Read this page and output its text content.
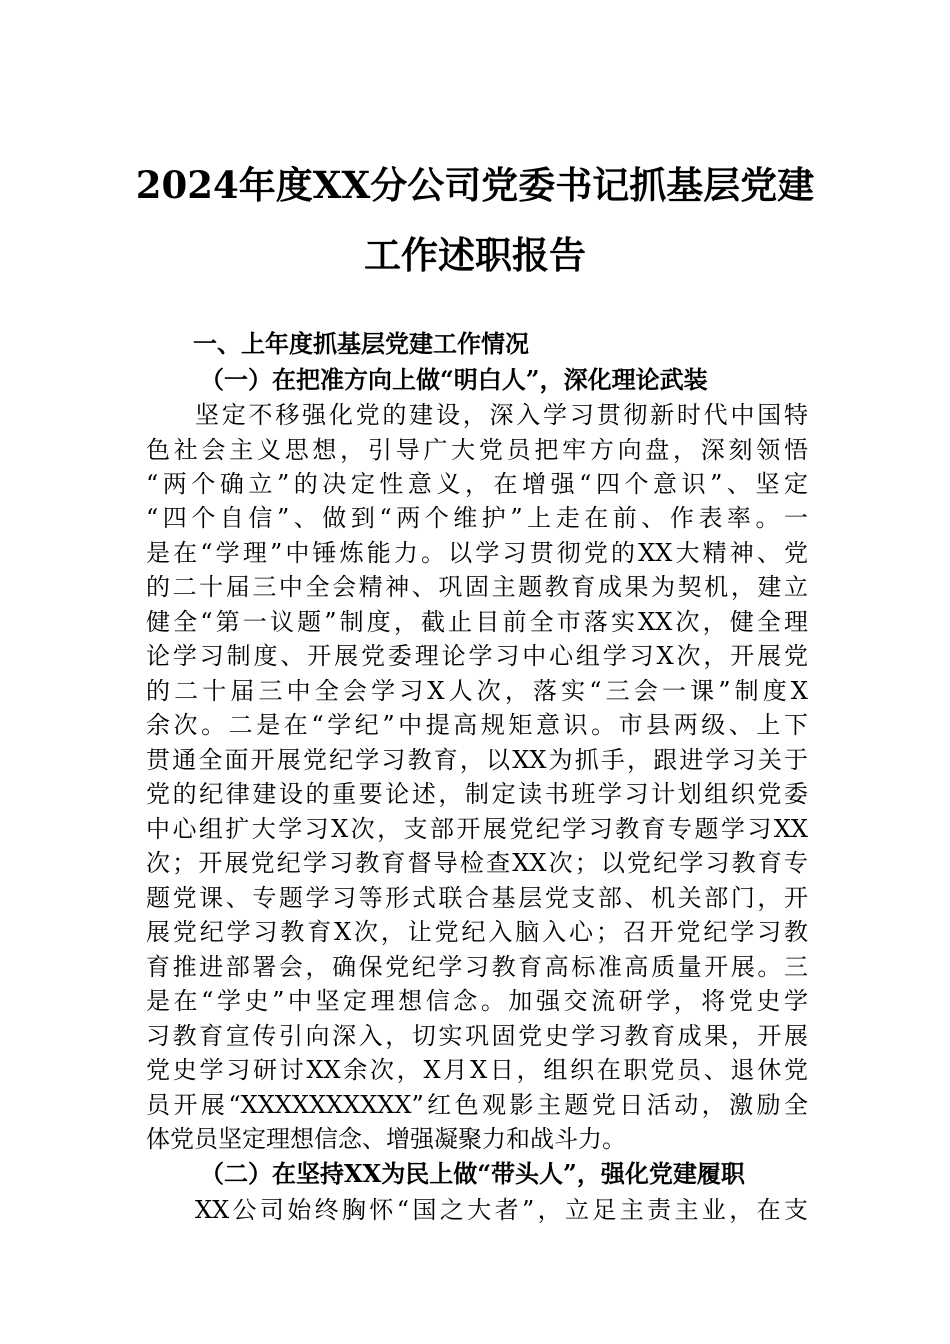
2024年度XX分公司党委书记抓基层党建
工作述职报告
一、上年度抓基层党建工作情况
（一）在把准方向上做“明白人”，深化理论武装
坚定不移强化党的建设，深入学习贯彻新时代中国特
色社会主义思想，引导广大党员把牢方向盘，深刻领悟
“两个确立”的决定性意义，在增强“四个意识”、坚定
“四个自信”、做到“两个维护”上走在前、作表率。一
是在“学理”中锤炼能力。以学习贯彻党的XX大精神、党
的二十届三中全会精神、巩固主题教育成果为契机，建立
健全“第一议题”制度，截止目前全市落实XX次，健全理
论学习制度、开展党委理论学习中心组学习X次，开展党
的二十届三中全会学习X人次，落实“三会一课”制度X
余次。二是在“学纪”中提高规矩意识。市县两级、上下
贯通全面开展党纪学习教育，以XX为抓手，跟进学习关于
党的纪律建设的重要论述，制定读书班学习计划组织党委
中心组扩大学习X次，支部开展党纪学习教育专题学习XX
次；开展党纪学习教育督导检查XX次；以党纪学习教育专
题党课、专题学习等形式联合基层党支部、机关部门，开
展党纪学习教育X次，让党纪入脑入心；召开党纪学习教
育推进部署会，确保党纪学习教育高标准高质量开展。三
是在“学史”中坚定理想信念。加强交流研学，将党史学
习教育宣传引向深入，切实巩固党史学习教育成果，开展
党史学习研讨XX余次，X月X日，组织在职党员、退休党
员开展“XXXXXXXXXX”红色观影主题党日活动，激励全
体党员坚定理想信念、增强凝聚力和战斗力。
（二）在坚持XX为民上做“带头人”，强化党建履职
XX公司始终胸怀“国之大者”，立足主责主业，在支
